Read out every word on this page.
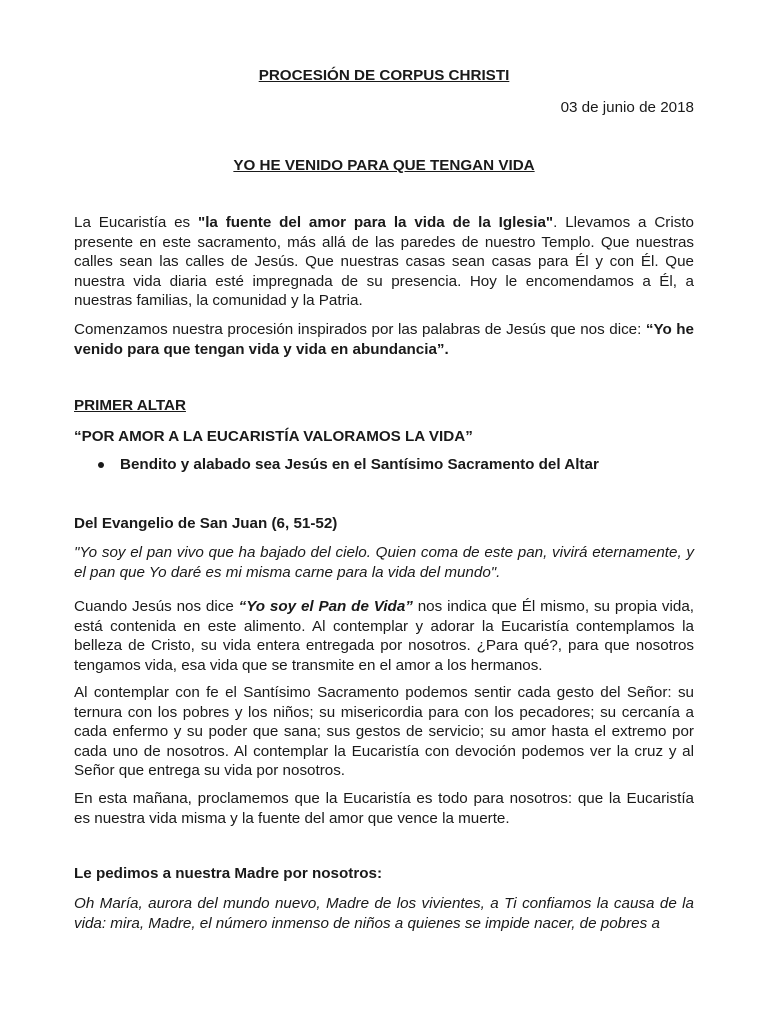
PROCESIÓN DE CORPUS CHRISTI
03 de junio de 2018
YO HE VENIDO PARA QUE TENGAN VIDA
La Eucaristía es "la fuente del amor para la vida de la Iglesia". Llevamos a Cristo presente en este sacramento, más allá de las paredes de nuestro Templo. Que nuestras calles sean las calles de Jesús. Que nuestras casas sean casas para Él y con Él. Que nuestra vida diaria esté impregnada de su presencia. Hoy le encomendamos a Él, a nuestras familias, la comunidad y la Patria.
Comenzamos nuestra procesión inspirados por las palabras de Jesús que nos dice: “Yo he venido para que tengan vida y vida en abundancia”.
PRIMER ALTAR
“POR AMOR A LA EUCARISTÍA VALORAMOS LA VIDA”
Bendito y alabado sea Jesús en el Santísimo Sacramento del Altar
Del Evangelio de San Juan (6, 51-52)
"Yo soy el pan vivo que ha bajado del cielo. Quien coma de este pan, vivirá eternamente, y el pan que Yo daré es mi misma carne para la vida del mundo".
Cuando Jesús nos dice “Yo soy el Pan de Vida” nos indica que Él mismo, su propia vida, está contenida en este alimento. Al contemplar y adorar la Eucaristía contemplamos la belleza de Cristo, su vida entera entregada por nosotros. ¿Para qué?, para que nosotros tengamos vida, esa vida que se transmite en el amor a los hermanos.
Al contemplar con fe el Santísimo Sacramento podemos sentir cada gesto del Señor: su ternura con los pobres y los niños; su misericordia para con los pecadores; su cercanía a cada enfermo y su poder que sana; sus gestos de servicio; su amor hasta el extremo por cada uno de nosotros. Al contemplar la Eucaristía con devoción podemos ver la cruz y al Señor que entrega su vida por nosotros.
En esta mañana, proclamemos que la Eucaristía es todo para nosotros: que la Eucaristía es nuestra vida misma y la fuente del amor que vence la muerte.
Le pedimos a nuestra Madre por nosotros:
Oh María, aurora del mundo nuevo, Madre de los vivientes, a Ti confiamos la causa de la vida: mira, Madre, el número inmenso de niños a quienes se impide nacer, de pobres a
